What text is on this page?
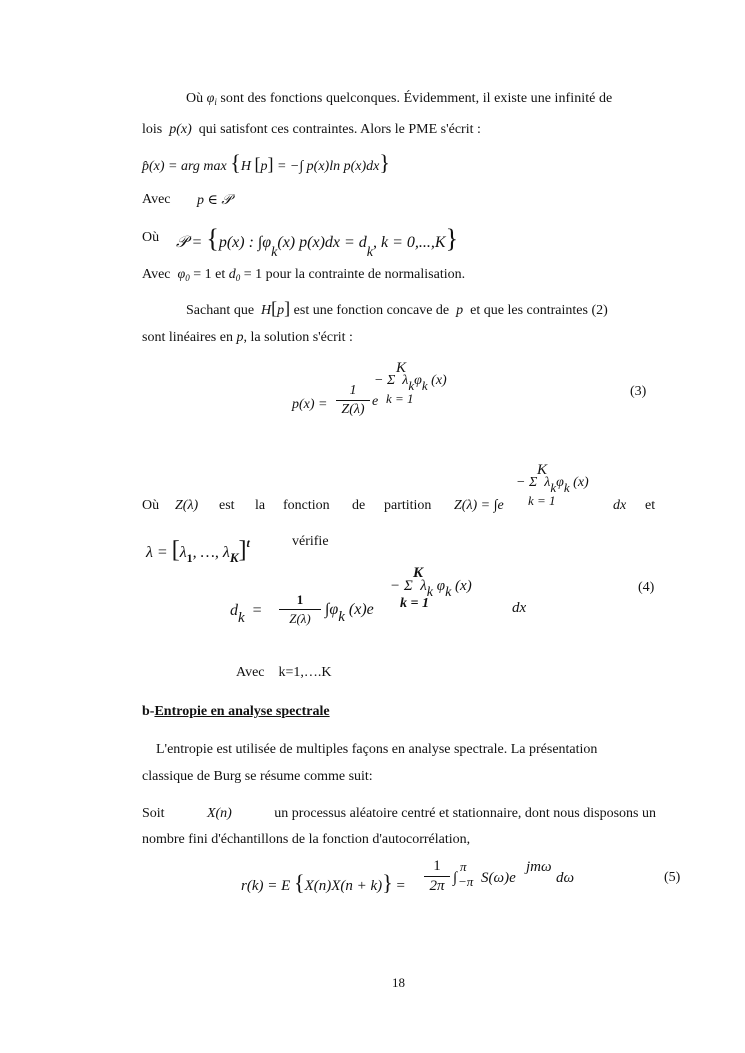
Où $\varphi_i$ sont des fonctions quelconques. Évidemment, il existe une infinité de
lois p(x) qui satisfont ces contraintes. Alors le PME s'écrit :
p̂(x) = arg max {H [p] = −∫ p(x)ln p(x)dx}
Avec p ∈ 𝒫
Où 𝒫 = {p(x) : ∫φk(x) p(x)dx = dk, k = 0,...,K}
Avec $\varphi_0 = 1$ et $d_0 = 1$ pour la contrainte de normalisation.
Sachant que H[p] est une fonction concave de p et que les contraintes (2)
sont linéaires en p, la solution s'écrit :
K
− Σ λkφk (x)
k = 1
p(x) =
1
Z(λ)
e
(3)
K
− Σ λkφk (x)
k = 1
Où Z(λ) est la fonction de partition Z(λ) = ∫e	dx et
$\lambda = [\lambda_1$, …, $\lambda_K]^t$	vérifie
K
− Σ λk φk (x)
k = 1	dx
dk =
1
Z(λ)
∫φk (x)e
(4)
Avec    k=1,….K
b-Entropie en analyse spectrale
L'entropie est utilisée de multiples façons en analyse spectrale. La présentation
classique de Burg se résume comme suit:
Soit	X(n)	un processus aléatoire centré et stationnaire, dont nous disposons un
nombre fini d'échantillons de la fonction d'autocorrélation,
r(k) = E {X(n)X(n + k)} =
1
2π ∫
π
−π S(ω)e
jmω
dω	(5)
18
